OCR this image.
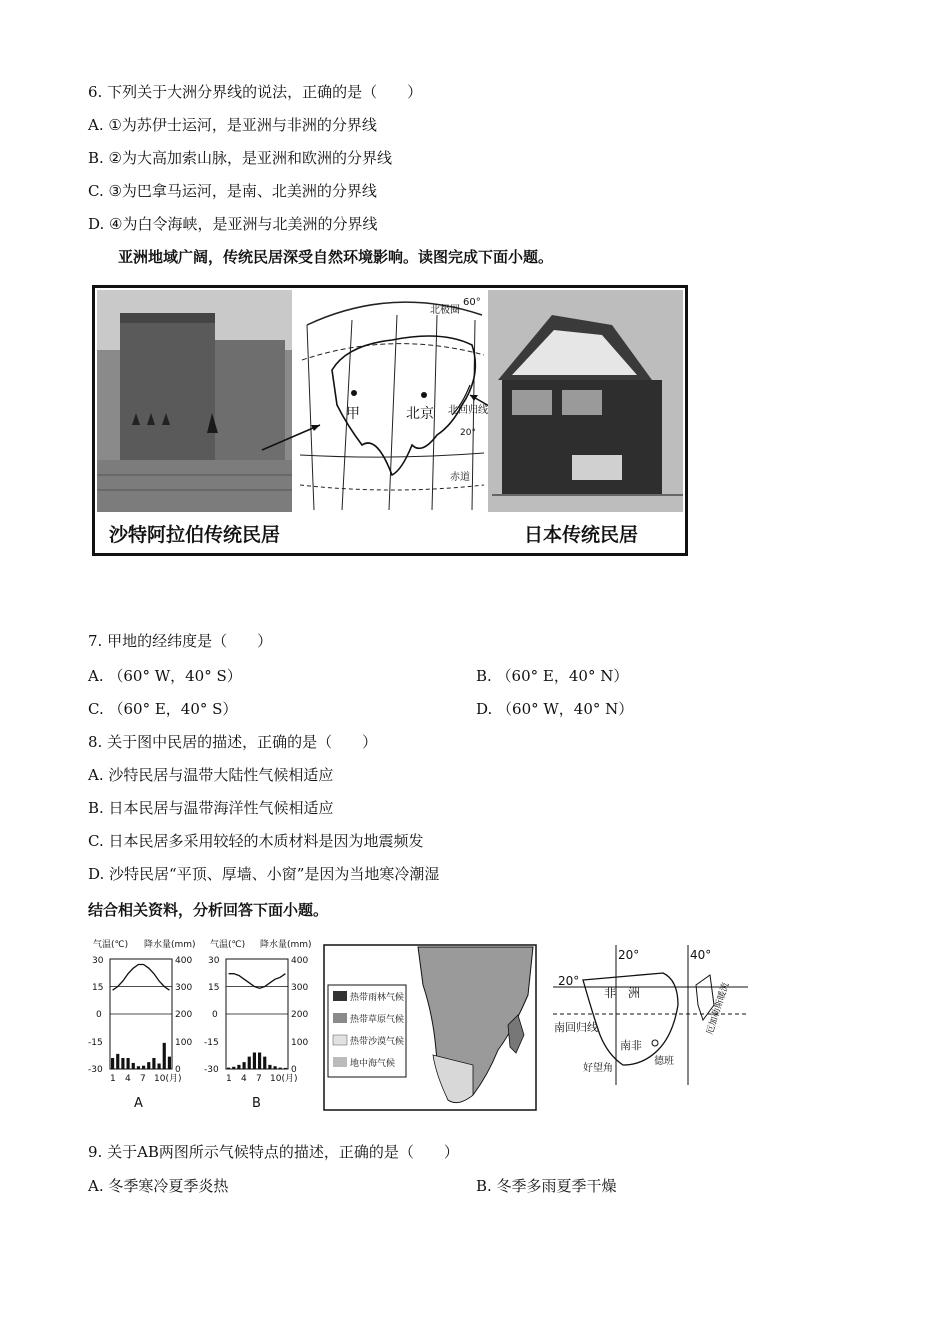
6. 下列关于大洲分界线的说法，正确的是（　　）
A. ①为苏伊士运河，是亚洲与非洲的分界线
B. ②为大高加索山脉，是亚洲和欧洲的分界线
C. ③为巴拿马运河，是南、北美洲的分界线
D. ④为白令海峡，是亚洲与北美洲的分界线
亚洲地域广阔，传统民居深受自然环境影响。读图完成下面小题。
甲	北京
60°
20°
北极圈
北回归线
赤道
沙特阿拉伯传统民居	日本传统民居
7. 甲地的经纬度是（　　）
A. （60° W，40° S）	B. （60° E，40° N）
C. （60° E，40° S）	D. （60° W，40° N）
8. 关于图中民居的描述，正确的是（　　）
A. 沙特民居与温带大陆性气候相适应
B. 日本民居与温带海洋性气候相适应
C. 日本民居多采用较轻的木质材料是因为地震频发
D. 沙特民居“平顶、厚墙、小窗”是因为当地寒冷潮湿
结合相关资料，分析回答下面小题。
气温(℃) 降水量(mm)
30
15
0
-15
-30
400
300
200
100
0
1 4 7 10(月)
A
气温(℃) 降水量(mm)
30
15
0
-15
-30
400
300
200
100
0
1 4 7 10(月)
B
热带雨林气候
热带草原气候
热带沙漠气候
地中海气候
20°	40°
20°
非　洲
南回归线
南非
德班
好望角
厄加勒斯暖流
9. 关于AB两图所示气候特点的描述，正确的是（　　）
A. 冬季寒冷夏季炎热	B. 冬季多雨夏季干燥
